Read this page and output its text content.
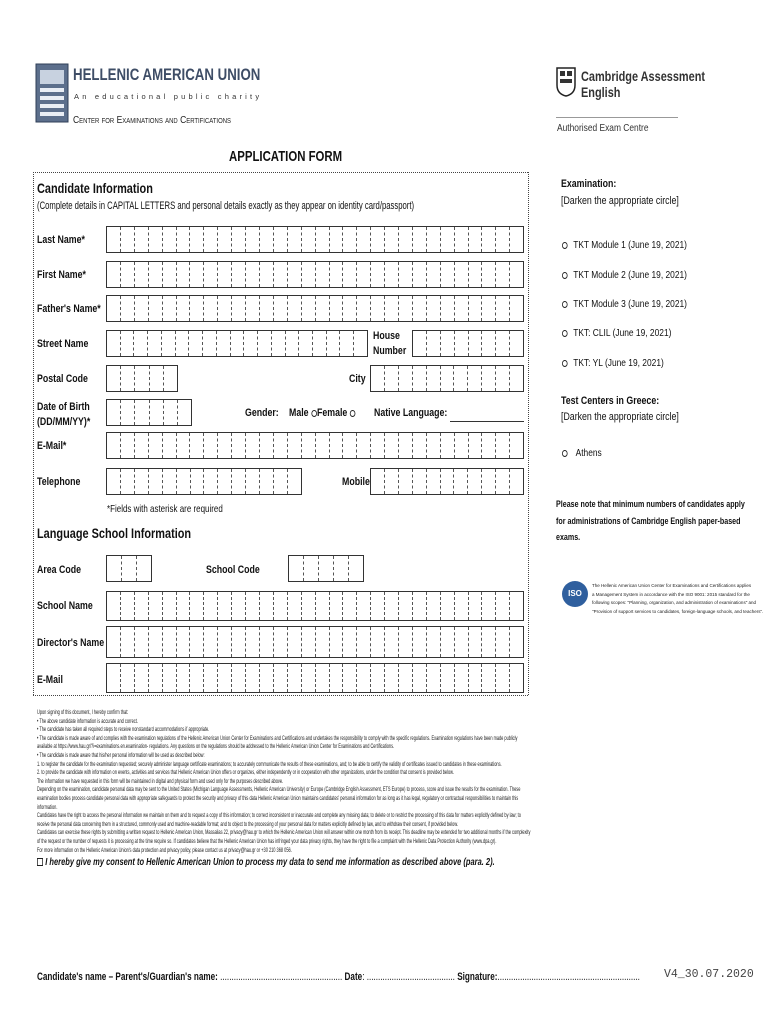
HELLENIC AMERICAN UNION
An educational public charity
Center for Examinations and Certifications
Cambridge Assessment
English
Authorised Exam Centre
APPLICATION FORM
Candidate Information
(Complete details in CAPITAL LETTERS and personal details exactly as they appear on identity card/passport)
Last Name*
First Name*
Father's Name*
Street Name
House
Number
Postal Code	City
Date of Birth
(DD/MM/YY)*
Gender: Male Female	Native Language:
E-Mail*
Telephone	Mobile
*Fields with asterisk are required
Language School Information
Area Code	School Code
School Name
Director's Name
E-Mail
Examination:
[Darken the appropriate circle]
TKT Module 1 (June 19, 2021)
TKT Module 2 (June 19, 2021)
TKT Module 3 (June 19, 2021)
TKT: CLIL (June 19, 2021)
TKT: YL (June 19, 2021)
Test Centers in Greece:
[Darken the appropriate circle]
Athens
Please note that minimum numbers of candidates apply
for administrations of Cambridge English paper-based
exams.
ISO

The Hellenic American Union Center for Examinations and Certifications applies

a Management System in accordance with the ISO 9001: 2015 standard for the

following scopes: "Planning, organization, and administration of examinations" and

"Provision of support services to candidates, foreign-language schools, and teachers".

Upon signing of this document, I hereby confirm that:

• The above candidate information is accurate and correct.

• The candidate has taken all required steps to receive nonstandard accommodations if appropriate.

• The candidate is made aware of and complies with the examination regulations of the Hellenic American Union Center for Examinations and Certifications and undertakes the responsibility to comply with the specific regulations. Examination regulations have been made publicly

available at https://www.hau.gr/?i=examinations.en.examination- regulations. Any questions on the regulations should be addressed to the Hellenic American Union Center for Examinations and Certifications.

• The candidate is made aware that his/her personal information will be used as described below:

1. to register the candidate for the examination requested; securely administer language certificate examinations; to accurately communicate the results of these examinations, and; to be able to certify the validity of certificates issued to candidates in these examinations.

2. to provide the candidate with information on events, activities and services that Hellenic American Union offers or organizes, either independently or in cooperation with other organizations, under the condition that consent is provided below.

The information we have requested in this form will be maintained in digital and physical form and used only for the purposes described above.

Depending on the examination, candidate personal data may be sent to the United States (Michigan Language Assessments, Hellenic American University) or Europe (Cambridge English Assessment, ETS Europe) to process, score and issue the results for the examination. These

examination bodies process candidate personal data with appropriate safeguards to protect the security and privacy of this data Hellenic American Union maintains candidates' personal information for as long as it has legal, regulatory or contractual responsibilities to maintain this

information.

Candidates have the right to access the personal information we maintain on them and to request a copy of this information; to correct inconsistent or inaccurate and complete any missing data; to delete or to restrict the processing of this data for matters explicitly defined by law; to

receive the personal data concerning them in a structured, commonly used and machine-readable format; and to object to the processing of your personal data for matters explicitly defined by law, and to withdraw their consent, if provided below.

Candidates can exercise these rights by submitting a written request to Hellenic American Union, Massalias 22, privacy@hau.gr to which the Hellenic American Union will answer within one month from its receipt. This deadline may be extended for two additional months if the complexity

of the request or the number of requests it is processing at the time require so. If candidates believe that the Hellenic American Union has infringed your data privacy rights, they have the right to file a complaint with the Hellenic Data Protection Authority (www.dpa.gr).

For more information on the Hellenic American Union's data protection and privacy policy, please contact us at privacy@hau.gr or +30 210 368 056.

I hereby give my consent to Hellenic American Union to process my data to send me information as described above (para. 2).
Candidate's name – Parent's/Guardian's name: ...................................................... Date: ....................................... Signature:............................................................... V4_30.07.2020
